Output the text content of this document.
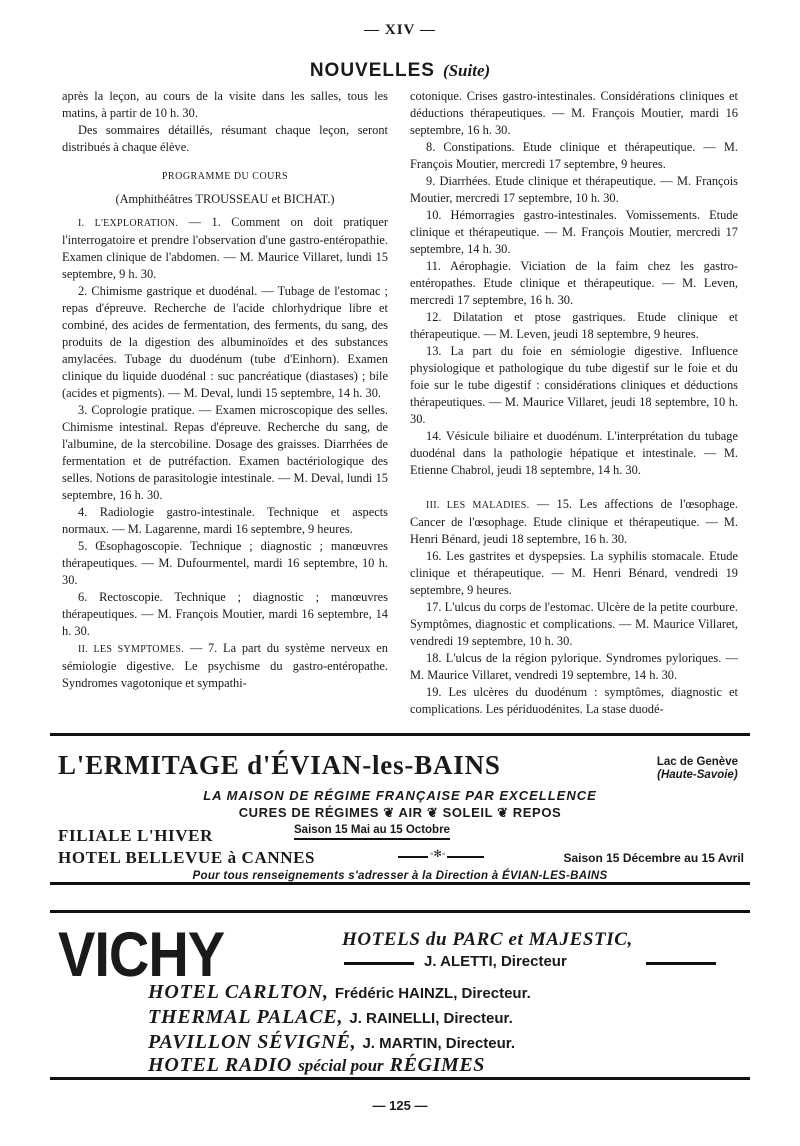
— XIV —
NOUVELLES (Suite)

après la leçon, au cours de la visite dans les salles, tous les matins, à partir de 10 h. 30.

Des sommaires détaillés, résumant chaque leçon, seront distribués à chaque élève.

PROGRAMME DU COURS

(Amphithéâtres TROUSSEAU et BICHAT.)

I. L'EXPLORATION. — 1. Comment on doit pratiquer l'interrogatoire et prendre l'observation d'une gastro-entéropathie. Examen clinique de l'abdomen. — M. Maurice Villaret, lundi 15 septembre, 9 h. 30.

2. Chimisme gastrique et duodénal. — Tubage de l'estomac ; repas d'épreuve. Recherche de l'acide chlorhydrique libre et combiné, des acides de fermentation, des ferments, du sang, des produits de la digestion des albuminoïdes et des substances amylacées. Tubage du duodénum (tube d'Einhorn). Examen clinique du liquide duodénal : suc pancréatique (diastases) ; bile (acides et pigments). — M. Deval, lundi 15 septembre, 14 h. 30.

3. Coprologie pratique. — Examen microscopique des selles. Chimisme intestinal. Repas d'épreuve. Recherche du sang, de l'albumine, de la stercobiline. Dosage des graisses. Diarrhées de fermentation et de putréfaction. Examen bactériologique des selles. Notions de parasitologie intestinale. — M. Deval, lundi 15 septembre, 16 h. 30.

4. Radiologie gastro-intestinale. Technique et aspects normaux. — M. Lagarenne, mardi 16 septembre, 9 heures.

5. Œsophagoscopie. Technique ; diagnostic ; manœuvres thérapeutiques. — M. Dufourmentel, mardi 16 septembre, 10 h. 30.

6. Rectoscopie. Technique ; diagnostic ; manœuvres thérapeutiques. — M. François Moutier, mardi 16 septembre, 14 h. 30.

II. LES SYMPTOMES. — 7. La part du système nerveux en sémiologie digestive. Le psychisme du gastro-entéropathe. Syndromes vagotonique et sympathi-

cotonique. Crises gastro-intestinales. Considérations cliniques et déductions thérapeutiques. — M. François Moutier, mardi 16 septembre, 16 h. 30.

8. Constipations. Etude clinique et thérapeutique. — M. François Moutier, mercredi 17 septembre, 9 heures.

9. Diarrhées. Etude clinique et thérapeutique. — M. François Moutier, mercredi 17 septembre, 10 h. 30.

10. Hémorragies gastro-intestinales. Vomissements. Etude clinique et thérapeutique. — M. François Moutier, mercredi 17 septembre, 14 h. 30.

11. Aérophagie. Viciation de la faim chez les gastro-entéropathes. Etude clinique et thérapeutique. — M. Leven, mercredi 17 septembre, 16 h. 30.

12. Dilatation et ptose gastriques. Etude clinique et thérapeutique. — M. Leven, jeudi 18 septembre, 9 heures.

13. La part du foie en sémiologie digestive. Influence physiologique et pathologique du tube digestif sur le foie et du foie sur le tube digestif : considérations cliniques et déductions thérapeutiques. — M. Maurice Villaret, jeudi 18 septembre, 10 h. 30.

14. Vésicule biliaire et duodénum. L'interprétation du tubage duodénal dans la pathologie hépatique et intestinale. — M. Etienne Chabrol, jeudi 18 septembre, 14 h. 30.

III. LES MALADIES. — 15. Les affections de l'œsophage. Cancer de l'œsophage. Etude clinique et thérapeutique. — M. Henri Bénard, jeudi 18 septembre, 16 h. 30.

16. Les gastrites et dyspepsies. La syphilis stomacale. Etude clinique et thérapeutique. — M. Henri Bénard, vendredi 19 septembre, 9 heures.

17. L'ulcus du corps de l'estomac. Ulcère de la petite courbure. Symptômes, diagnostic et complications. — M. Maurice Villaret, vendredi 19 septembre, 10 h. 30.

18. L'ulcus de la région pylorique. Syndromes pyloriques. — M. Maurice Villaret, vendredi 19 septembre, 14 h. 30.

19. Les ulcères du duodénum : symptômes, diagnostic et complications. Les périduodénites. La stase duodé-

L'ERMITAGE d'ÉVIAN-les-BAINS	Lac de Genève
(Haute-Savoie)
LA MAISON DE RÉGIME FRANÇAISE PAR EXCELLENCE
CURES DE RÉGIMES ❦ AIR ❦ SOLEIL ❦ REPOS
FILIALE L'HIVER	Saison 15 Mai au 15 Octobre
HOTEL BELLEVUE à CANNES	◦✻◦	Saison 15 Décembre au 15 Avril
Pour tous renseignements s'adresser à la Direction à ÉVIAN-LES-BAINS
VICHY	HOTELS du PARC et MAJESTIC,
J. ALETTI, Directeur
HOTEL CARLTON, Frédéric HAINZL, Directeur.
THERMAL PALACE, J. RAINELLI, Directeur.
PAVILLON SÉVIGNÉ, J. MARTIN, Directeur.
HOTEL RADIO spécial pour RÉGIMES
— 125 —
